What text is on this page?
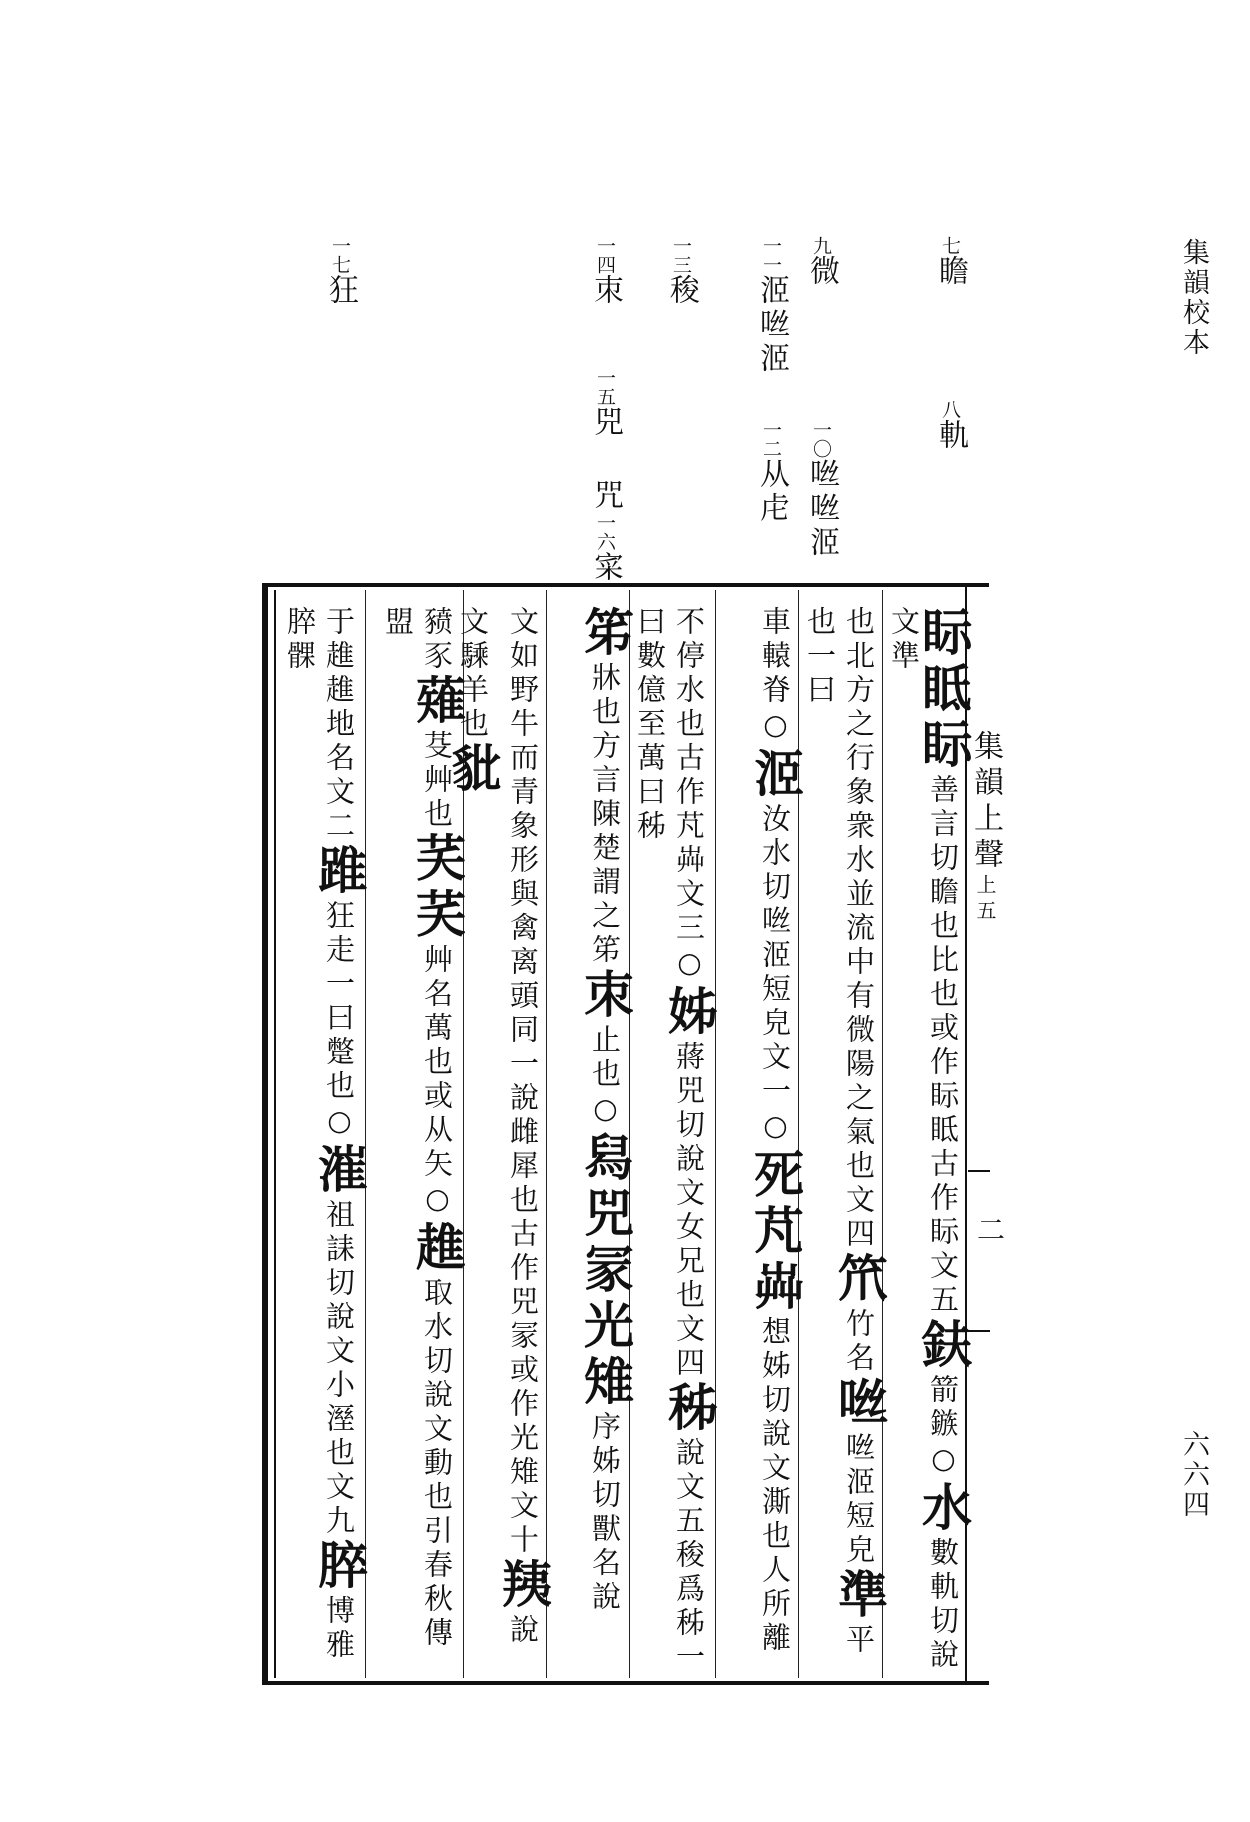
集韻校本
六六四
七瞻
八軌
九微
一〇咝咝洍
一一洍咝洍
一二从虍
一三稄
一四朿
一五兕 咒一六寀
一七狂
集韻上聲上五
二
眎眡眎善言切瞻也比也或作眎眡古作眎文五鈇箭鏃○水數軌切說文準
也北方之行象衆水並流中有微陽之氣也文四笊竹名咝咝洍短皃準平也一曰
車轅脊○洍汝水切咝洍短皃文一○死芃芔想姊切說文澌也人所離
不停水也古作芃芔文三○姊蔣兕切說文女兄也文四秭說文五稄爲秭一曰數億至萬曰秭
笫牀也方言陳楚謂之笫朿止也○舄兕冡光雉序姊切獸名說
文如野牛而青象形與禽离頭同一說雌犀也古作兕冡或作光雉文十羠說文騬羊也豼
豮豕薙芟艸也芺芺艸名萬也或从矢○趡取水切說文動也引春秋傳盟
于趡趡地名文二踓狂走一曰蹩也○漼祖誄切說文小溼也文九脺博雅脺髁
